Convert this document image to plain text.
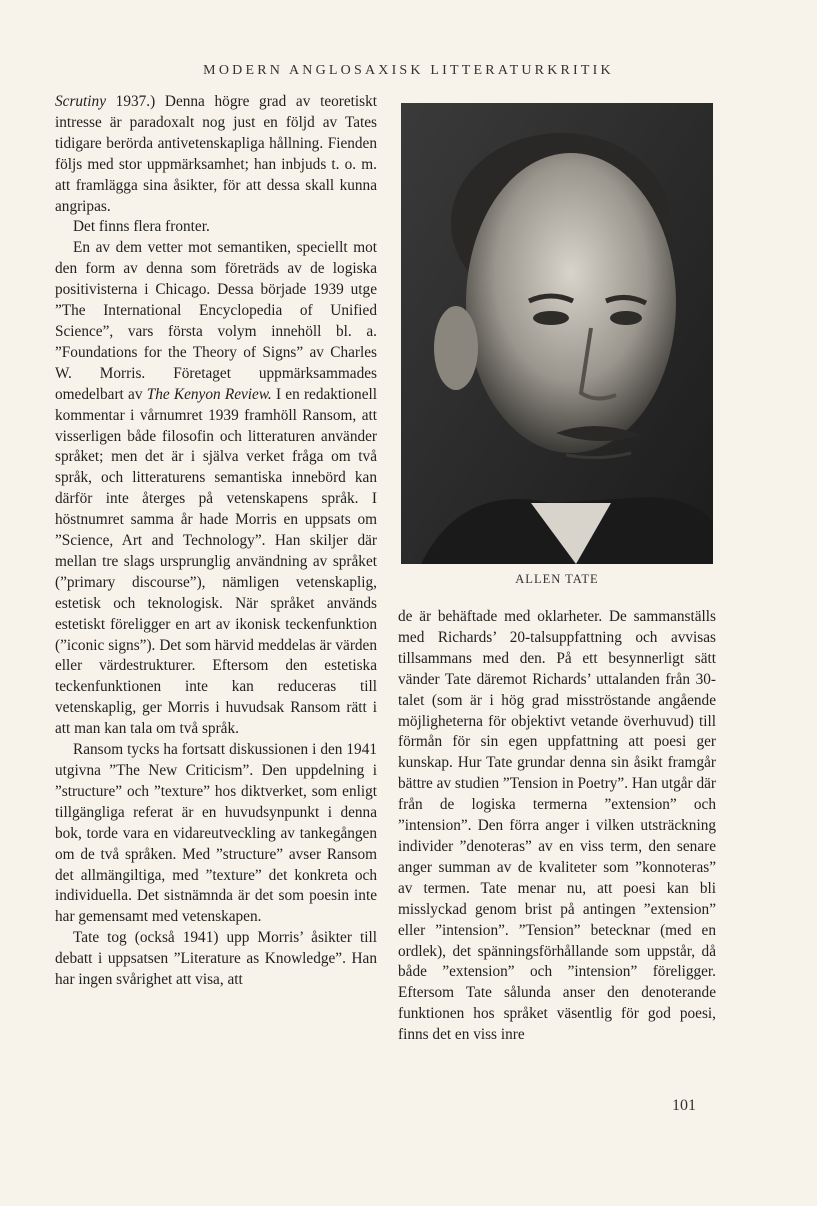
MODERN ANGLOSAXISK LITTERATURKRITIK

Scrutiny 1937.) Denna högre grad av teoretiskt intresse är paradoxalt nog just en följd av Tates tidigare berörda antivetenskapliga hållning. Fienden följs med stor uppmärksamhet; han inbjuds t. o. m. att framlägga sina åsikter, för att dessa skall kunna angripas.

Det finns flera fronter.

En av dem vetter mot semantiken, speciellt mot den form av denna som företräds av de logiska positivisterna i Chicago. Dessa började 1939 utge ”The International Encyclopedia of Unified Science”, vars första volym innehöll bl. a. ”Foundations for the Theory of Signs” av Charles W. Morris. Företaget uppmärksammades omedelbart av The Kenyon Review. I en redaktionell kommentar i vårnumret 1939 framhöll Ransom, att visserligen både filosofin och litteraturen använder språket; men det är i själva verket fråga om två språk, och litteraturens semantiska innebörd kan därför inte återges på vetenskapens språk. I höstnumret samma år hade Morris en uppsats om ”Science, Art and Technology”. Han skiljer där mellan tre slags ursprunglig användning av språket (”primary discourse”), nämligen vetenskaplig, estetisk och teknologisk. När språket används estetiskt föreligger en art av ikonisk teckenfunktion (”iconic signs”). Det som härvid meddelas är värden eller värdestrukturer. Eftersom den estetiska teckenfunktionen inte kan reduceras till vetenskaplig, ger Morris i huvudsak Ransom rätt i att man kan tala om två språk.

Ransom tycks ha fortsatt diskussionen i den 1941 utgivna ”The New Criticism”. Den uppdelning i ”structure” och ”texture” hos diktverket, som enligt tillgängliga referat är en huvudsynpunkt i denna bok, torde vara en vidareutveckling av tankegången om de två språken. Med ”structure” avser Ransom det allmängiltiga, med ”texture” det konkreta och individuella. Det sistnämnda är det som poesin inte har gemensamt med vetenskapen.

Tate tog (också 1941) upp Morris’ åsikter till debatt i uppsatsen ”Literature as Knowledge”. Han har ingen svårighet att visa, att

ALLEN TATE

de är behäftade med oklarheter. De sammanställs med Richards’ 20-talsuppfattning och avvisas tillsammans med den. På ett besynnerligt sätt vänder Tate däremot Richards’ uttalanden från 30-talet (som är i hög grad misströstande angående möjligheterna för objektivt vetande överhuvud) till förmån för sin egen uppfattning att poesi ger kunskap. Hur Tate grundar denna sin åsikt framgår bättre av studien ”Tension in Poetry”. Han utgår där från de logiska termerna ”extension” och ”intension”. Den förra anger i vilken utsträckning individer ”denoteras” av en viss term, den senare anger summan av de kvaliteter som ”konnoteras” av termen. Tate menar nu, att poesi kan bli misslyckad genom brist på antingen ”extension” eller ”intension”. ”Tension” betecknar (med en ordlek), det spänningsförhållande som uppstår, då både ”extension” och ”intension” föreligger. Eftersom Tate sålunda anser den denoterande funktionen hos språket väsentlig för god poesi, finns det en viss inre

101
